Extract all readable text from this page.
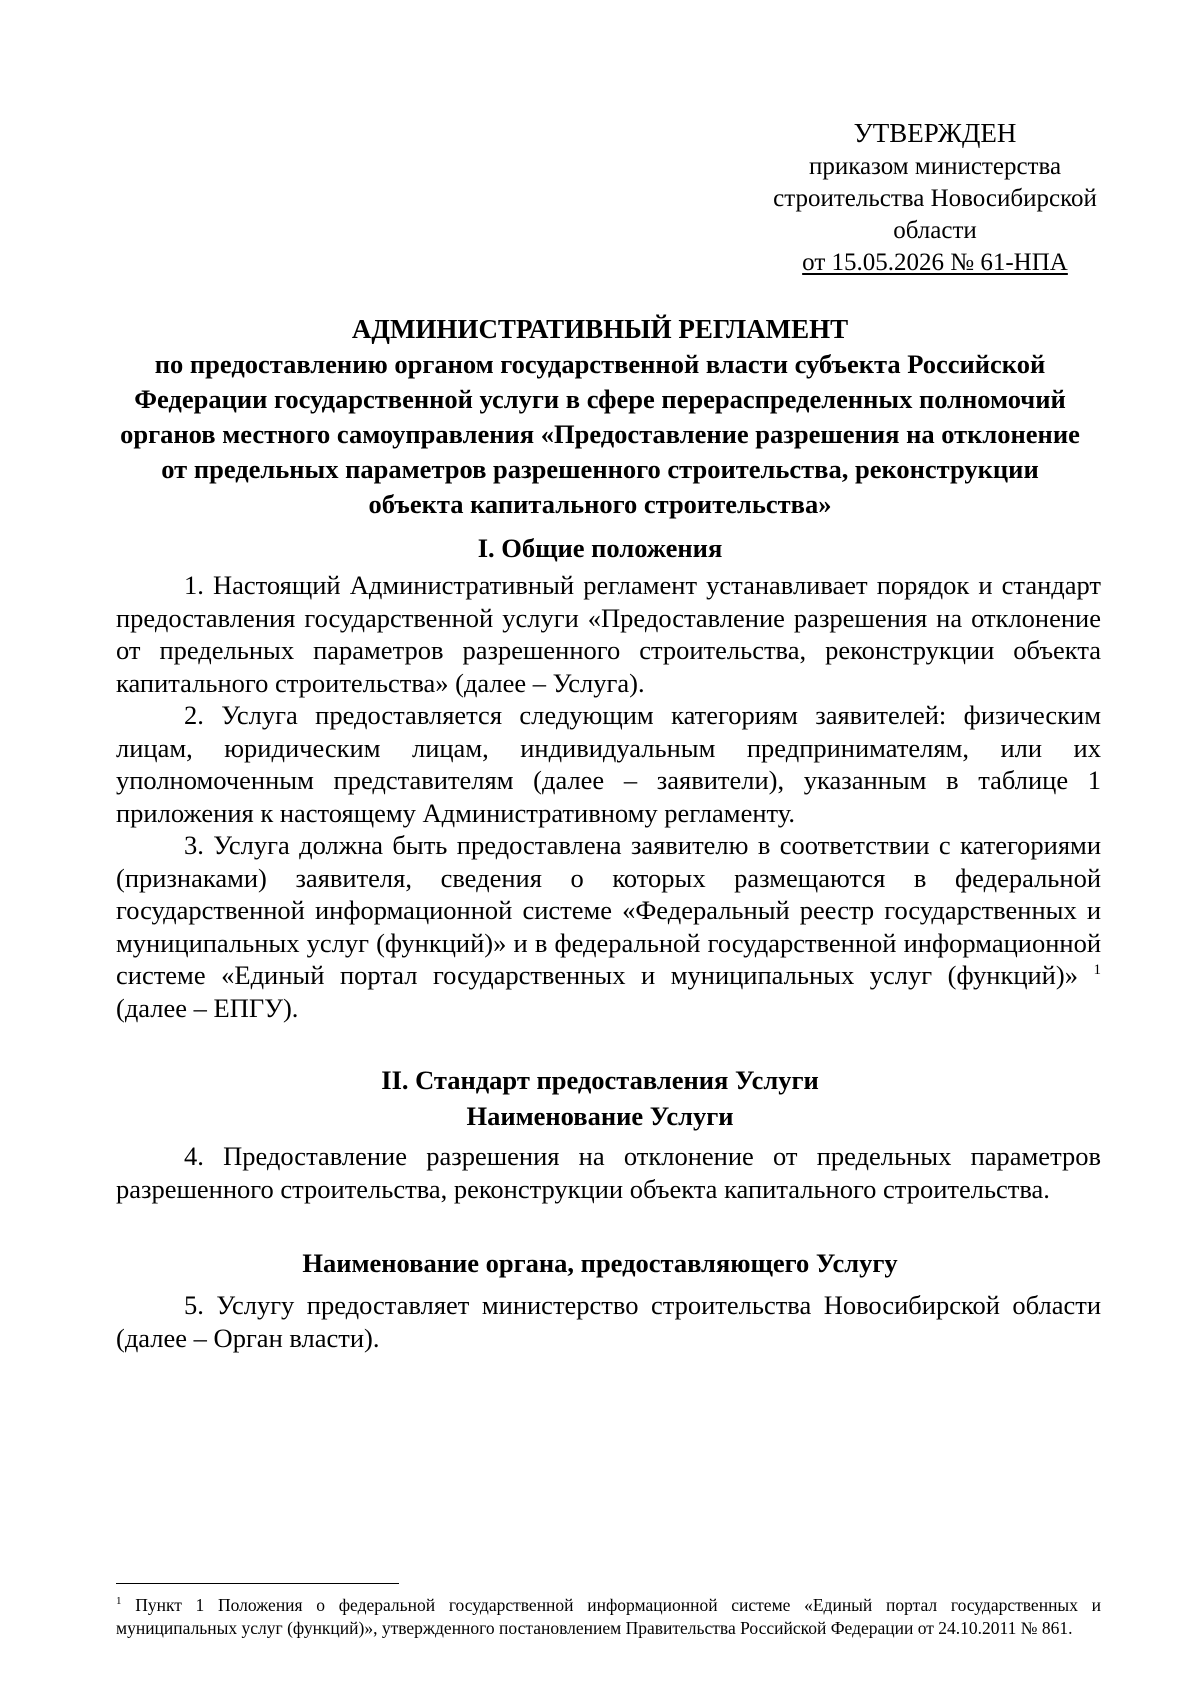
УТВЕРЖДЕН
приказом министерства
строительства Новосибирской
области
от 15.05.2026 № 61-НПА
АДМИНИСТРАТИВНЫЙ РЕГЛАМЕНТ
по предоставлению органом государственной власти субъекта Российской
Федерации государственной услуги в сфере перераспределенных полномочий
органов местного самоуправления «Предоставление разрешения на отклонение
от предельных параметров разрешенного строительства, реконструкции
объекта капитального строительства»
I. Общие положения
1. Настоящий Административный регламент устанавливает порядок и стандарт предоставления государственной услуги «Предоставление разрешения на отклонение от предельных параметров разрешенного строительства, реконструкции объекта капитального строительства» (далее – Услуга).
2. Услуга предоставляется следующим категориям заявителей: физическим лицам, юридическим лицам, индивидуальным предпринимателям, или их уполномоченным представителям (далее – заявители), указанным в таблице 1 приложения к настоящему Административному регламенту.
3. Услуга должна быть предоставлена заявителю в соответствии с категориями (признаками) заявителя, сведения о которых размещаются в федеральной государственной информационной системе «Федеральный реестр государственных и муниципальных услуг (функций)» и в федеральной государственной информационной системе «Единый портал государственных и муниципальных услуг (функций)» $^1$ (далее – ЕПГУ).
II. Стандарт предоставления Услуги
Наименование Услуги
4. Предоставление разрешения на отклонение от предельных параметров разрешенного строительства, реконструкции объекта капитального строительства.
Наименование органа, предоставляющего Услугу
5. Услугу предоставляет министерство строительства Новосибирской области (далее – Орган власти).
$^1$ Пункт 1 Положения о федеральной государственной информационной системе «Единый портал государственных и муниципальных услуг (функций)», утвержденного постановлением Правительства Российской Федерации от 24.10.2011 № 861.
